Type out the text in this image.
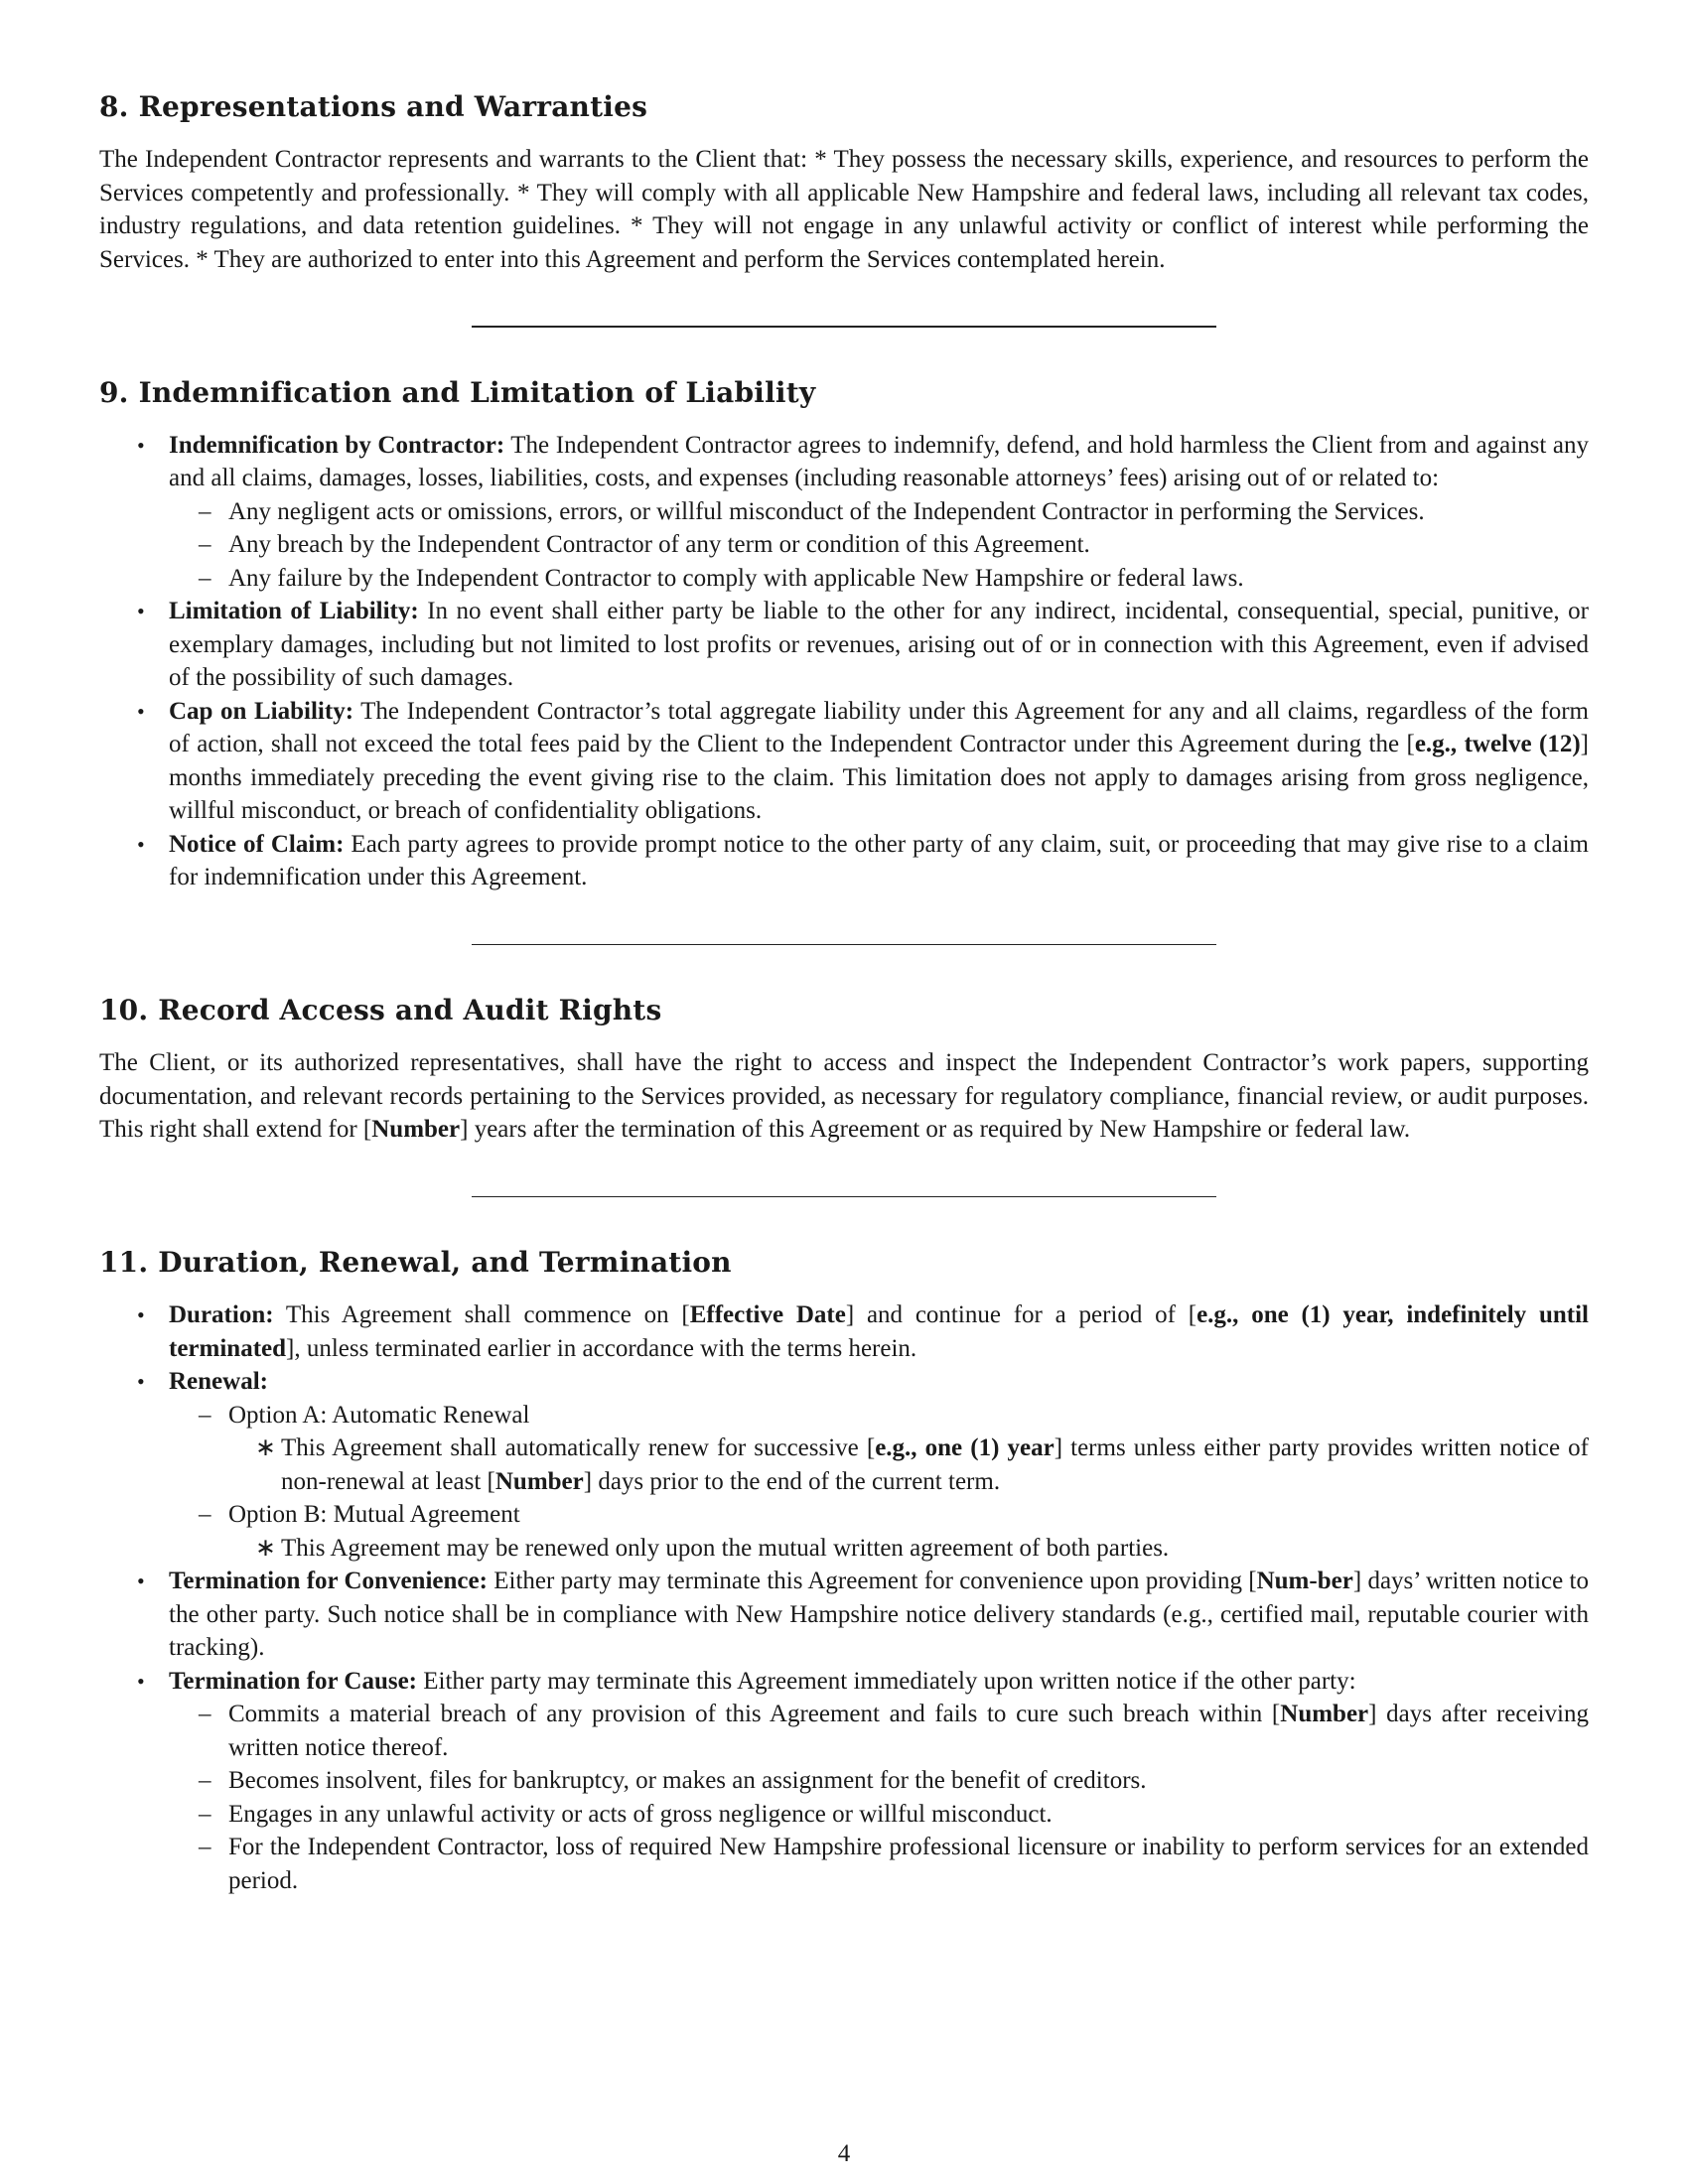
8. Representations and Warranties

The Independent Contractor represents and warrants to the Client that: * They possess the necessary skills, experience, and resources to perform the Services competently and professionally. * They will comply with all applicable New Hampshire and federal laws, including all relevant tax codes, industry regulations, and data retention guidelines. * They will not engage in any unlawful activity or conflict of interest while performing the Services. * They are authorized to enter into this Agreement and perform the Services contemplated herein.

9. Indemnification and Limitation of Liability
• Indemnification by Contractor: The Independent Contractor agrees to indemnify, defend, and hold harmless the Client from and against any and all claims, damages, losses, liabilities, costs, and expenses (including reasonable attorneys’ fees) arising out of or related to:
– Any negligent acts or omissions, errors, or willful misconduct of the Independent Contractor in performing the Services.
– Any breach by the Independent Contractor of any term or condition of this Agreement.
– Any failure by the Independent Contractor to comply with applicable New Hampshire or federal laws.
• Limitation of Liability: In no event shall either party be liable to the other for any indirect, incidental, consequential, special, punitive, or exemplary damages, including but not limited to lost profits or revenues, arising out of or in connection with this Agreement, even if advised of the possibility of such damages.
• Cap on Liability: The Independent Contractor’s total aggregate liability under this Agreement for any and all claims, regardless of the form of action, shall not exceed the total fees paid by the Client to the Independent Contractor under this Agreement during the [e.g., twelve (12)] months immediately preceding the event giving rise to the claim. This limitation does not apply to damages arising from gross negligence, willful misconduct, or breach of confidentiality obligations.
• Notice of Claim: Each party agrees to provide prompt notice to the other party of any claim, suit, or proceeding that may give rise to a claim for indemnification under this Agreement.
10. Record Access and Audit Rights

The Client, or its authorized representatives, shall have the right to access and inspect the Independent Contractor’s work papers, supporting documentation, and relevant records pertaining to the Services provided, as necessary for regulatory compliance, financial review, or audit purposes. This right shall extend for [Number] years after the termination of this Agreement or as required by New Hampshire or federal law.

11. Duration, Renewal, and Termination
• Duration: This Agreement shall commence on [Effective Date] and continue for a period of [e.g., one (1) year, indefinitely until terminated], unless terminated earlier in accordance with the terms herein.
• Renewal:
– Option A: Automatic Renewal
∗ This Agreement shall automatically renew for successive [e.g., one (1) year] terms unless either party provides written notice of non-renewal at least [Number] days prior to the end of the current term.
– Option B: Mutual Agreement
∗ This Agreement may be renewed only upon the mutual written agreement of both parties.
• Termination for Convenience: Either party may terminate this Agreement for convenience upon providing [Num-ber] days’ written notice to the other party. Such notice shall be in compliance with New Hampshire notice delivery standards (e.g., certified mail, reputable courier with tracking).
• Termination for Cause: Either party may terminate this Agreement immediately upon written notice if the other party:
– Commits a material breach of any provision of this Agreement and fails to cure such breach within [Number] days after receiving written notice thereof.
– Becomes insolvent, files for bankruptcy, or makes an assignment for the benefit of creditors.
– Engages in any unlawful activity or acts of gross negligence or willful misconduct.
– For the Independent Contractor, loss of required New Hampshire professional licensure or inability to perform services for an extended period.
4
